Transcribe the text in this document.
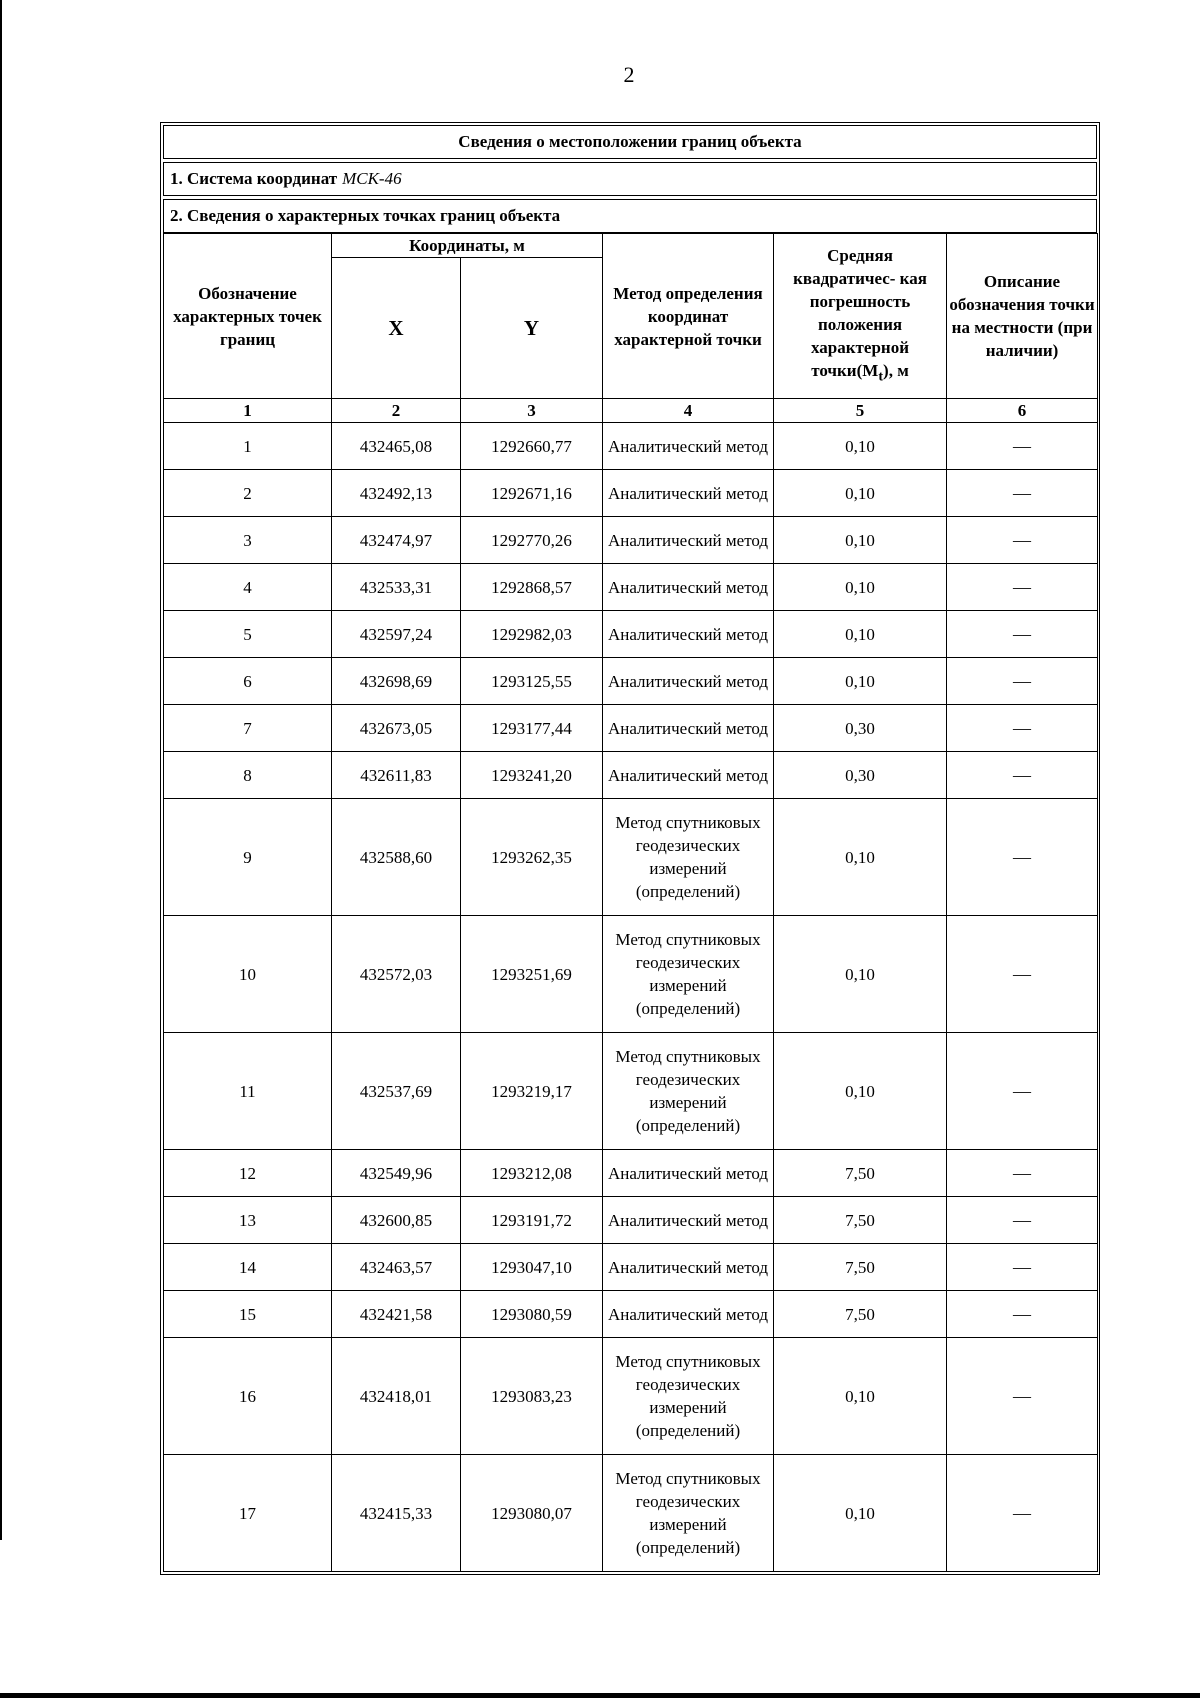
2
Сведения о местоположении границ объекта
1. Система координат МСК-46
2. Сведения о характерных точках границ объекта
Обозначение характерных точек границ	Координаты, м		Метод определения координат характерной точки	Средняя квадратичес- кая погрешность положения характерной $точки(M_t)$, м	Описание обозначения точки на местности (при наличии)
	X	Y			
1	2	3	4	5	6
1	432465,08	1292660,77	Аналитический метод	0,10	—
2	432492,13	1292671,16	Аналитический метод	0,10	—
3	432474,97	1292770,26	Аналитический метод	0,10	—
4	432533,31	1292868,57	Аналитический метод	0,10	—
5	432597,24	1292982,03	Аналитический метод	0,10	—
6	432698,69	1293125,55	Аналитический метод	0,10	—
7	432673,05	1293177,44	Аналитический метод	0,30	—
8	432611,83	1293241,20	Аналитический метод	0,30	—
9	432588,60	1293262,35	Метод спутниковых геодезических измерений (определений)	0,10	—
10	432572,03	1293251,69	Метод спутниковых геодезических измерений (определений)	0,10	—
11	432537,69	1293219,17	Метод спутниковых геодезических измерений (определений)	0,10	—
12	432549,96	1293212,08	Аналитический метод	7,50	—
13	432600,85	1293191,72	Аналитический метод	7,50	—
14	432463,57	1293047,10	Аналитический метод	7,50	—
15	432421,58	1293080,59	Аналитический метод	7,50	—
16	432418,01	1293083,23	Метод спутниковых геодезических измерений (определений)	0,10	—
17	432415,33	1293080,07	Метод спутниковых геодезических измерений (определений)	0,10	—
